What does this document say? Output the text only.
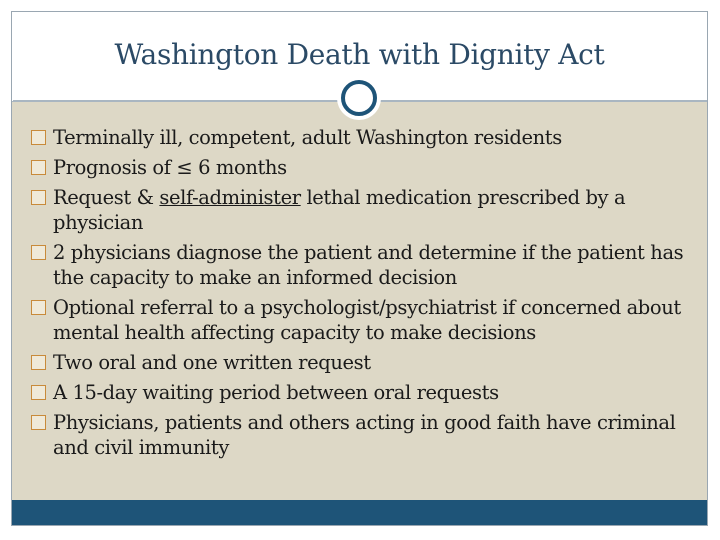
Washington Death with Dignity Act
Terminally ill, competent, adult Washington residents
Prognosis of ≤ 6 months
Request & self-administer lethal medication prescribed by a physician
2 physicians diagnose the patient and determine if the patient has the capacity to make an informed decision
Optional referral to a psychologist/psychiatrist if concerned about mental health affecting capacity to make decisions
Two oral and one written request
A 15-day waiting period between oral requests
Physicians, patients and others acting in good faith have criminal and civil immunity
